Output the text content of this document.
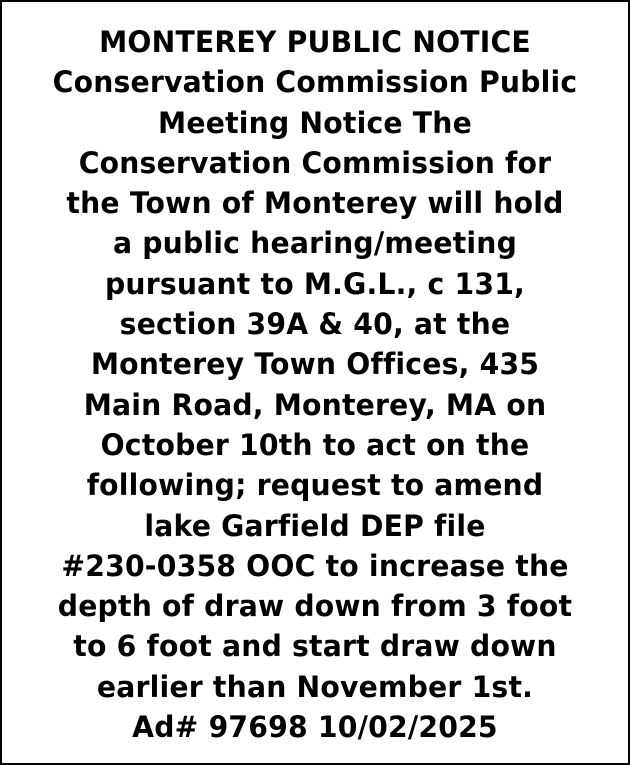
MONTEREY PUBLIC NOTICE
Conservation Commission Public
Meeting Notice The
Conservation Commission for
the Town of Monterey will hold
a public hearing/meeting
pursuant to M.G.L., c 131,
section 39A & 40, at the
Monterey Town Offices, 435
Main Road, Monterey, MA on
October 10th to act on the
following; request to amend
lake Garfield DEP file
#230-0358 OOC to increase the
depth of draw down from 3 foot
to 6 foot and start draw down
earlier than November 1st.
Ad# 97698 10/02/2025
